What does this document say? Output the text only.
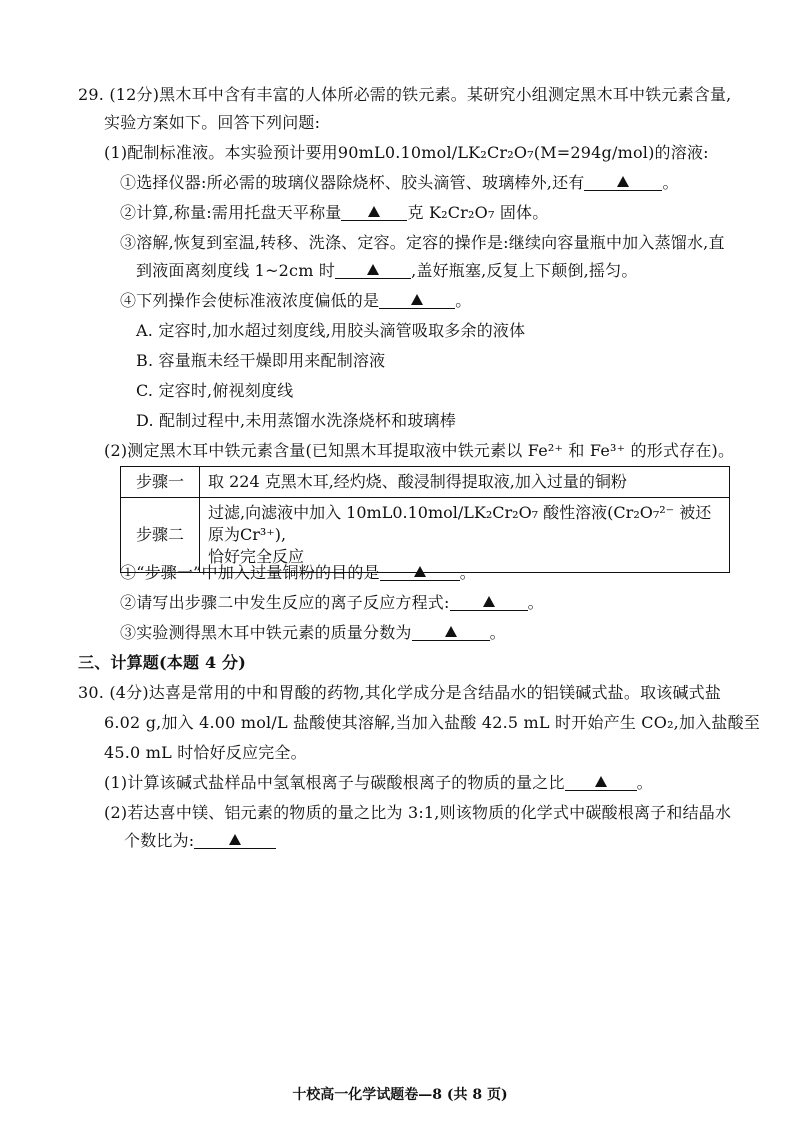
29. (12分)黑木耳中含有丰富的人体所必需的铁元素。某研究小组测定黑木耳中铁元素含量,
实验方案如下。回答下列问题:
(1)配制标准液。本实验预计要用90mL0.10mol/LK₂Cr₂O₇(M=294g/mol)的溶液:
①选择仪器:所必需的玻璃仪器除烧杯、胶头滴管、玻璃棒外,还有	。
②计算,称量:需用托盘天平称量	克 K₂Cr₂O₇ 固体。
③溶解,恢复到室温,转移、洗涤、定容。定容的操作是:继续向容量瓶中加入蒸馏水,直
到液面离刻度线 1~2cm 时	,盖好瓶塞,反复上下颠倒,摇匀。
④下列操作会使标准液浓度偏低的是	。
A. 定容时,加水超过刻度线,用胶头滴管吸取多余的液体
B. 容量瓶未经干燥即用来配制溶液
C. 定容时,俯视刻度线
D. 配制过程中,未用蒸馏水洗涤烧杯和玻璃棒
(2)测定黑木耳中铁元素含量(已知黑木耳提取液中铁元素以 Fe²⁺ 和 Fe³⁺ 的形式存在)。
步骤一	取 224 克黑木耳,经灼烧、酸浸制得提取液,加入过量的铜粉
步骤二	过滤,向滤液中加入 10mL0.10mol/LK₂Cr₂O₇ 酸性溶液(Cr₂O₇²⁻ 被还原为Cr³⁺),
恰好完全反应
①“步骤一”中加入过量铜粉的目的是	。
②请写出步骤二中发生反应的离子反应方程式:	。
③实验测得黑木耳中铁元素的质量分数为	。
三、计算题(本题 4 分)
30. (4分)达喜是常用的中和胃酸的药物,其化学成分是含结晶水的铝镁碱式盐。取该碱式盐
6.02 g,加入 4.00 mol/L 盐酸使其溶解,当加入盐酸 42.5 mL 时开始产生 CO₂,加入盐酸至
45.0 mL 时恰好反应完全。
(1)计算该碱式盐样品中氢氧根离子与碳酸根离子的物质的量之比	。
(2)若达喜中镁、铝元素的物质的量之比为 3:1,则该物质的化学式中碳酸根离子和结晶水
个数比为:
十校高一化学试题卷—8 (共 8 页)
